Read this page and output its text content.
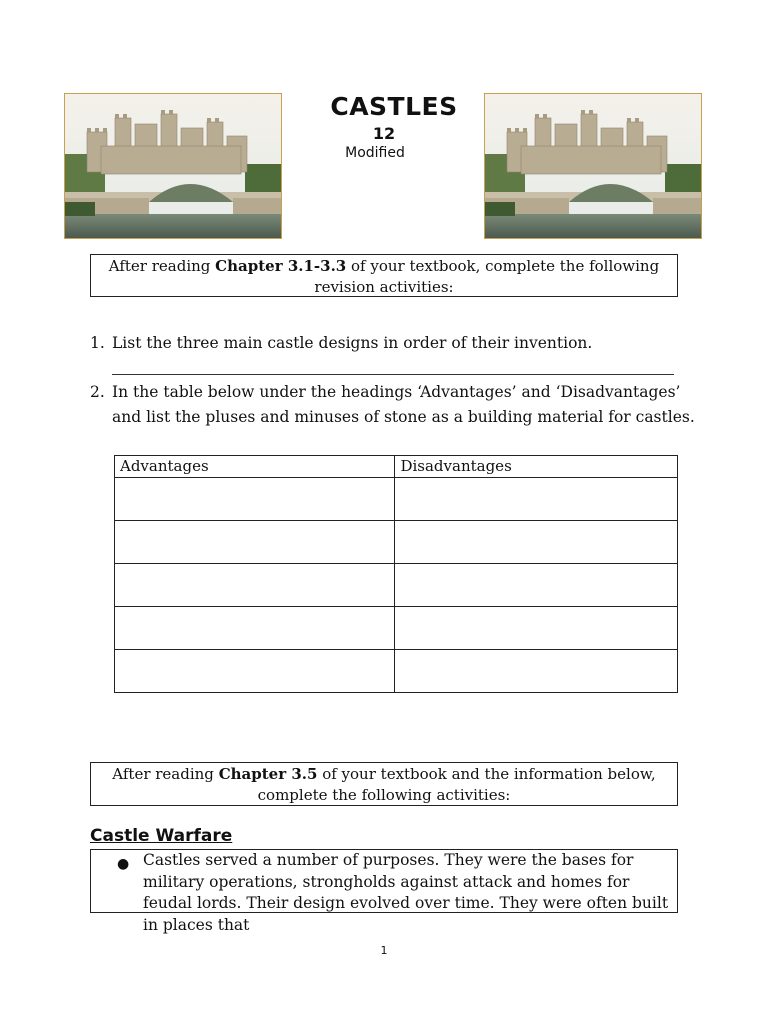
CASTLES
12
Modified
After reading Chapter 3.1-3.3 of your textbook, complete the following revision activities:
1. List the three main castle designs in order of their invention.
2. In the table below under the headings ‘Advantages’ and ‘Disadvantages’
and list the pluses and minuses of stone as a building material for castles.
Advantages	Disadvantages

After reading Chapter 3.5 of your textbook and the information below, complete the following activities:
Castle Warfare
● Castles served a number of purposes. They were the bases for military operations, strongholds against attack and homes for feudal lords. Their design evolved over time. They were often built in places that
1
